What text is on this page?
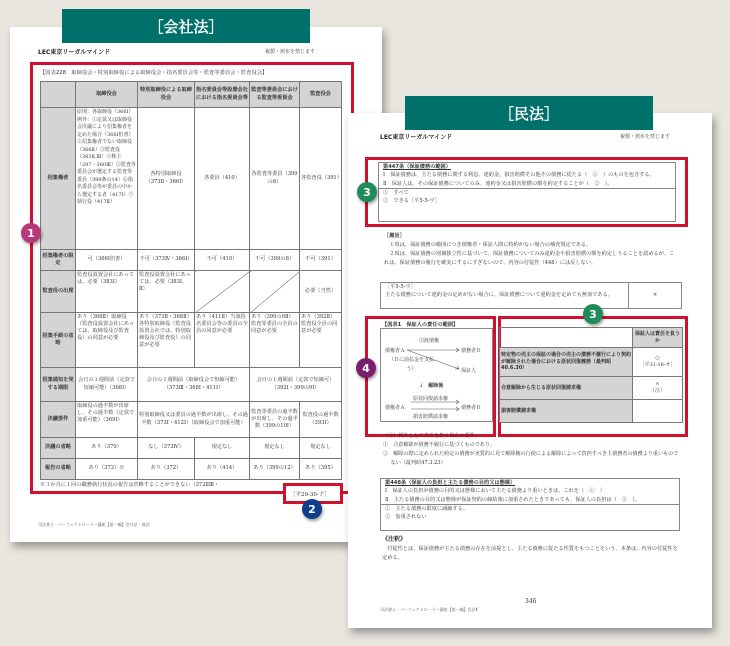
［会社法］
LEC東京リーガルマインド	複製・頒布を禁じます
【図表228　取締役会・特別取締役による取締役会・指名委員会等・監査等委員会・監査役会】
	取締役会	特別取締役による取締役会	指名委員会等設置会社における指名委員会等	監査等委員会における監査等委員会	監査役会
招集権者	原則：各取締役（366Ⅰ）例外：①定款又は取締役会決議により招集権者を定めた場合（366Ⅰ但書）②招集権者でない取締役（366Ⅱ）③監査役（383Ⅱ,Ⅲ）④株主（297・360Ⅲ）⑤監査等委員会が選定する監査等委員（399条の14）⑥指名委員会等が委員の中から選定する者（417Ⅰ）⑦執行役（417Ⅱ）	各特別取締役（373Ⅱ・366Ⅰ）	各委員（410）	各監査等委員（399の8）	各監査役（391）
招集権者の限定	可（366Ⅰ但書）	不可（373Ⅳ・366Ⅰ）	不可（410）	不可（399の8）	不可（391）
監査役の出席	監査役設置会社にあっては、必要（383Ⅰ）	監査役設置会社にあっては、必要（383Ⅰ，Ⅱ）			必要（当然）
招集手続の省略	あり（368Ⅱ）取締役（監査役設置会社にあっては、取締役及び監査役）の同意が必要	あり（373Ⅱ・368Ⅱ）各特別取締役（監査役設置会社では、特別取締役及び監査役）の同意が必要	あり（411Ⅱ）当該指名委員会等の委員の全員の同意が必要	あり（399の9Ⅱ）監査等委員の全員の同意が必要	あり（392Ⅱ）監査役全員の同意が必要
招集通知を発する期限	会日の１週間前（定款で短縮可能）（368Ⅰ）	会日の１週間前（取締役会で短縮可能）（373Ⅲ・368Ⅰ・411Ⅰ）		会日の１週間前（定款で短縮可）（392Ⅰ・399の9Ⅰ）	
決議要件	取締役の過半数が出席し、その過半数（定款で加重可能）（369Ⅰ）	特別取締役又は委員の過半数が出席し、その過半数（373Ⅰ・412Ⅰ）（取締役会で加重可能）		監査等委員の過半数が出席し、その過半数（399の10Ⅰ）	監査役の過半数（393Ⅰ）
決議の省略	あり（370）	なし（373Ⅳ）	規定なし	規定なし	規定なし
報告の省略	あり（372）※	あり（372）	あり（414）	あり（399の12）	あり（395）
※３か月に１回の職務執行状況の報告は省略することができない（372ⅡⅢ・
［平29-30-ア］
司法書士・パーフェクトローラー講座【第一編】会社法・商法
1
2
［民法］
LEC東京リーガルマインド	複製・頒布を禁じます
第447条（保証債務の範囲）
Ⅰ　保証債務は、主たる債務に関する利息、違約金、損害賠償その他その債務に従たる（　①　）のものを包含する。
Ⅱ　保証人は、その保証債務についてのみ、違約金又は損害賠償の額を約定することが（　②　）。
①　すべて
②　できる［平5-5-ウ］
3
［趣旨］
１項は、保証債務の範囲につき債権者・保証人間に特約がない場合の補充規定である。
２項は、保証債務の別個独立性に基づいて、保証債務についてのみ違約金や損害賠償の額を約定しうることを認めるが、これは、保証債務の履行を確実にするにすぎないので、内容の付従性（448）には反しない。
［平5-5-ウ］
主たる債務について違約金の定めがない場合に、保証債務について違約金を定めても無効である。	×
【図表1　保証人の責任の範囲】
引渡債権
債権者Ａ	債務者Ｂ
（Ｂに前払金を支払う）	保証人
↓　解除後
原状回復請求権
債権者Ａ	債務者Ｂ
損害賠償請求権
4
	保証人は責任を負うか
特定物の売主の保証の場合の売主の債務不履行により契約が解除された場合における原状回復義務（最判昭40.6.30）	○
［平31-16-オ］

合意解除から生じる原状回復請求権	×
（注）

損害賠償請求権	
3
（注）例外として責任を負う場合の要件
①　合意解除が債務不履行に基づくものであり、
②　解除の際に定められた約定の債務が実質的に見て解除権の行使による解除によって負担すべき主債務者の債務より重いものでない（最判昭47.3.23）
第448条（保証人の負担と主たる債務の目的又は態様）
Ⅰ　保証人の負担が債務の目的又は態様において主たる債務より重いときは、これを（　①　）
Ⅱ　主たる債務の目的又は態様が保証契約の締結後に加重されたときであっても、保証人の負担は（　②　）。
①　主たる債務の限度に減縮する。
②　加重されない
《注釈》
付従性とは、保証債務が主たる債務の存在を前提とし、主たる債務に従たる性質をもつことをいう。本条は、内容の付従性を定める。
346
司法書士・パーフェクトローラー講座【第一編】民法Ⅱ
